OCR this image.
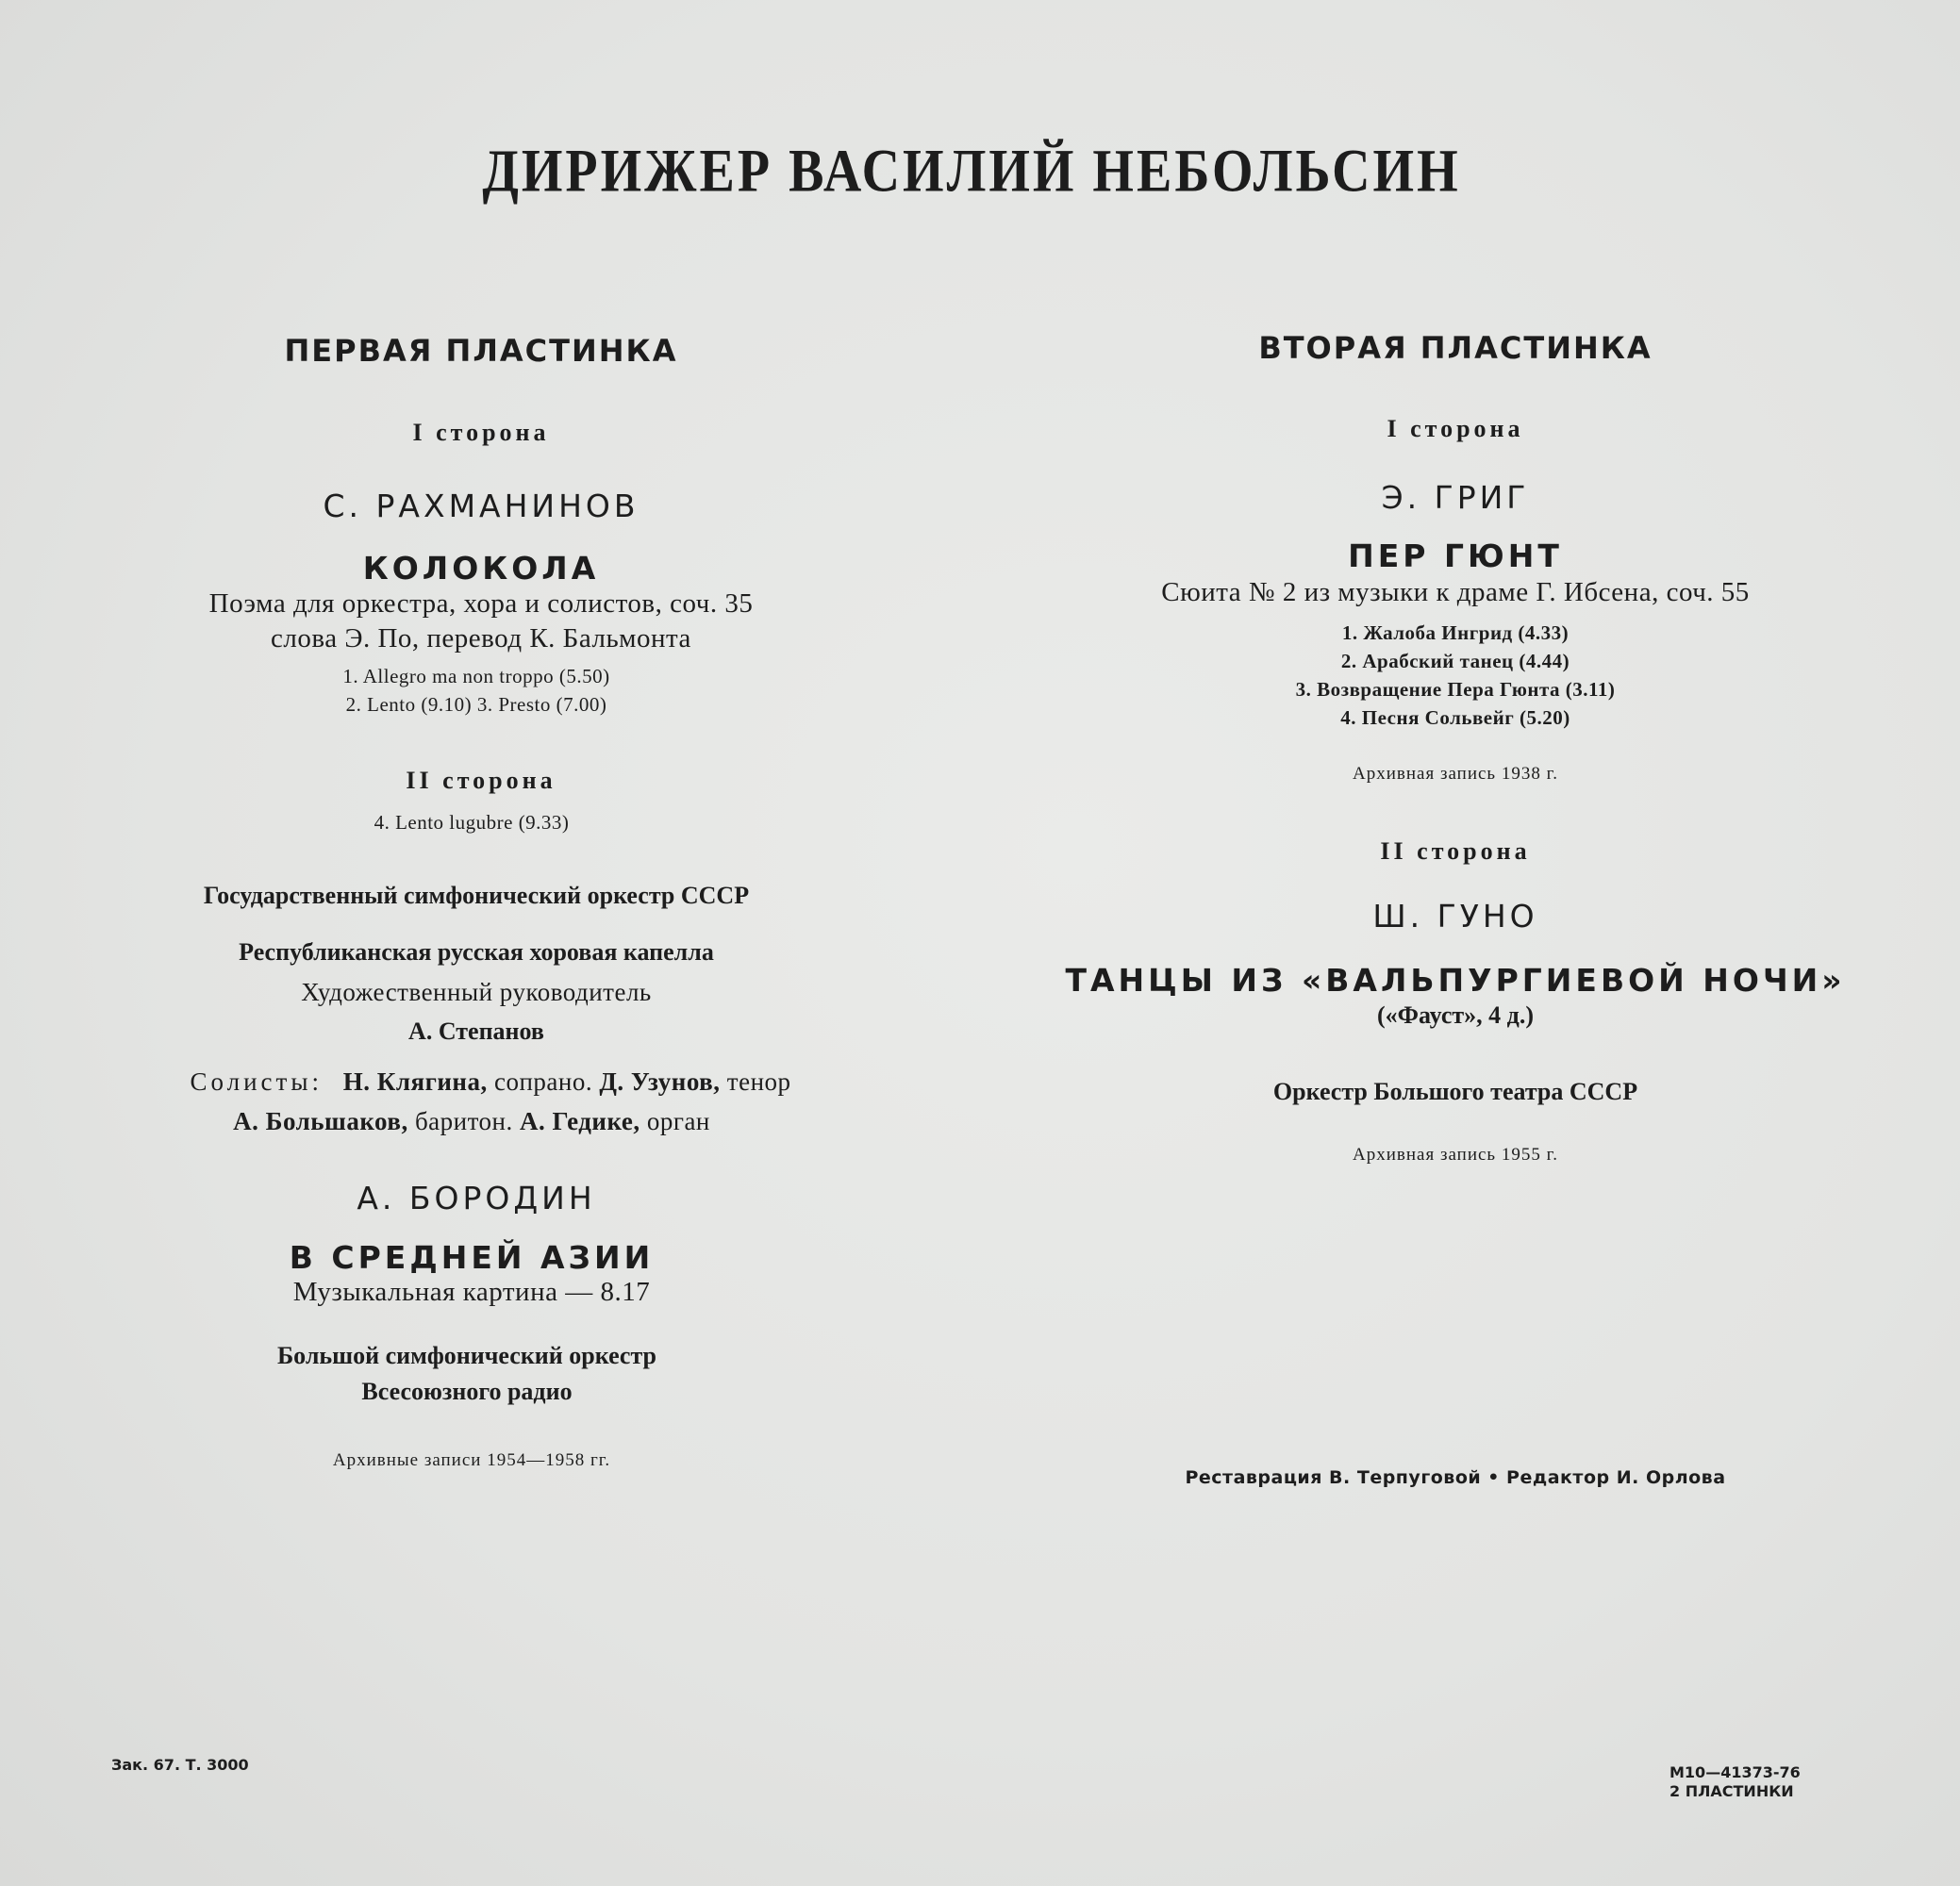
ДИРИЖЕР ВАСИЛИЙ НЕБОЛЬСИН
ПЕРВАЯ ПЛАСТИНКА
I сторона
С. РАХМАНИНОВ
КОЛОКОЛА
Поэма для оркестра, хора и солистов, соч. 35
слова Э. По, перевод К. Бальмонта
1. Allegro ma non troppo (5.50)
2. Lento (9.10) 3. Presto (7.00)
II сторона
4. Lento lugubre (9.33)
Государственный симфонический оркестр СССР
Республиканская русская хоровая капелла
Художественный руководитель
А. Степанов
Солисты: Н. Клягина, сопрано. Д. Узунов, тенор
А. Большаков, баритон. А. Гедике, орган
А. БОРОДИН
В СРЕДНЕЙ АЗИИ
Музыкальная картина — 8.17
Большой симфонический оркестр
Всесоюзного радио
Архивные записи 1954—1958 гг.
ВТОРАЯ ПЛАСТИНКА
I сторона
Э. ГРИГ
ПЕР ГЮНТ
Сюита № 2 из музыки к драме Г. Ибсена, соч. 55
1. Жалоба Ингрид (4.33)
2. Арабский танец (4.44)
3. Возвращение Пера Гюнта (3.11)
4. Песня Сольвейг (5.20)
Архивная запись 1938 г.
II сторона
Ш. ГУНО
ТАНЦЫ ИЗ «ВАЛЬПУРГИЕВОЙ НОЧИ»
(«Фауст», 4 д.)
Оркестр Большого театра СССР
Архивная запись 1955 г.
Реставрация В. Терпуговой • Редактор И. Орлова
Зак. 67. Т. 3000	М10—41373-76
2 ПЛАСТИНКИ
